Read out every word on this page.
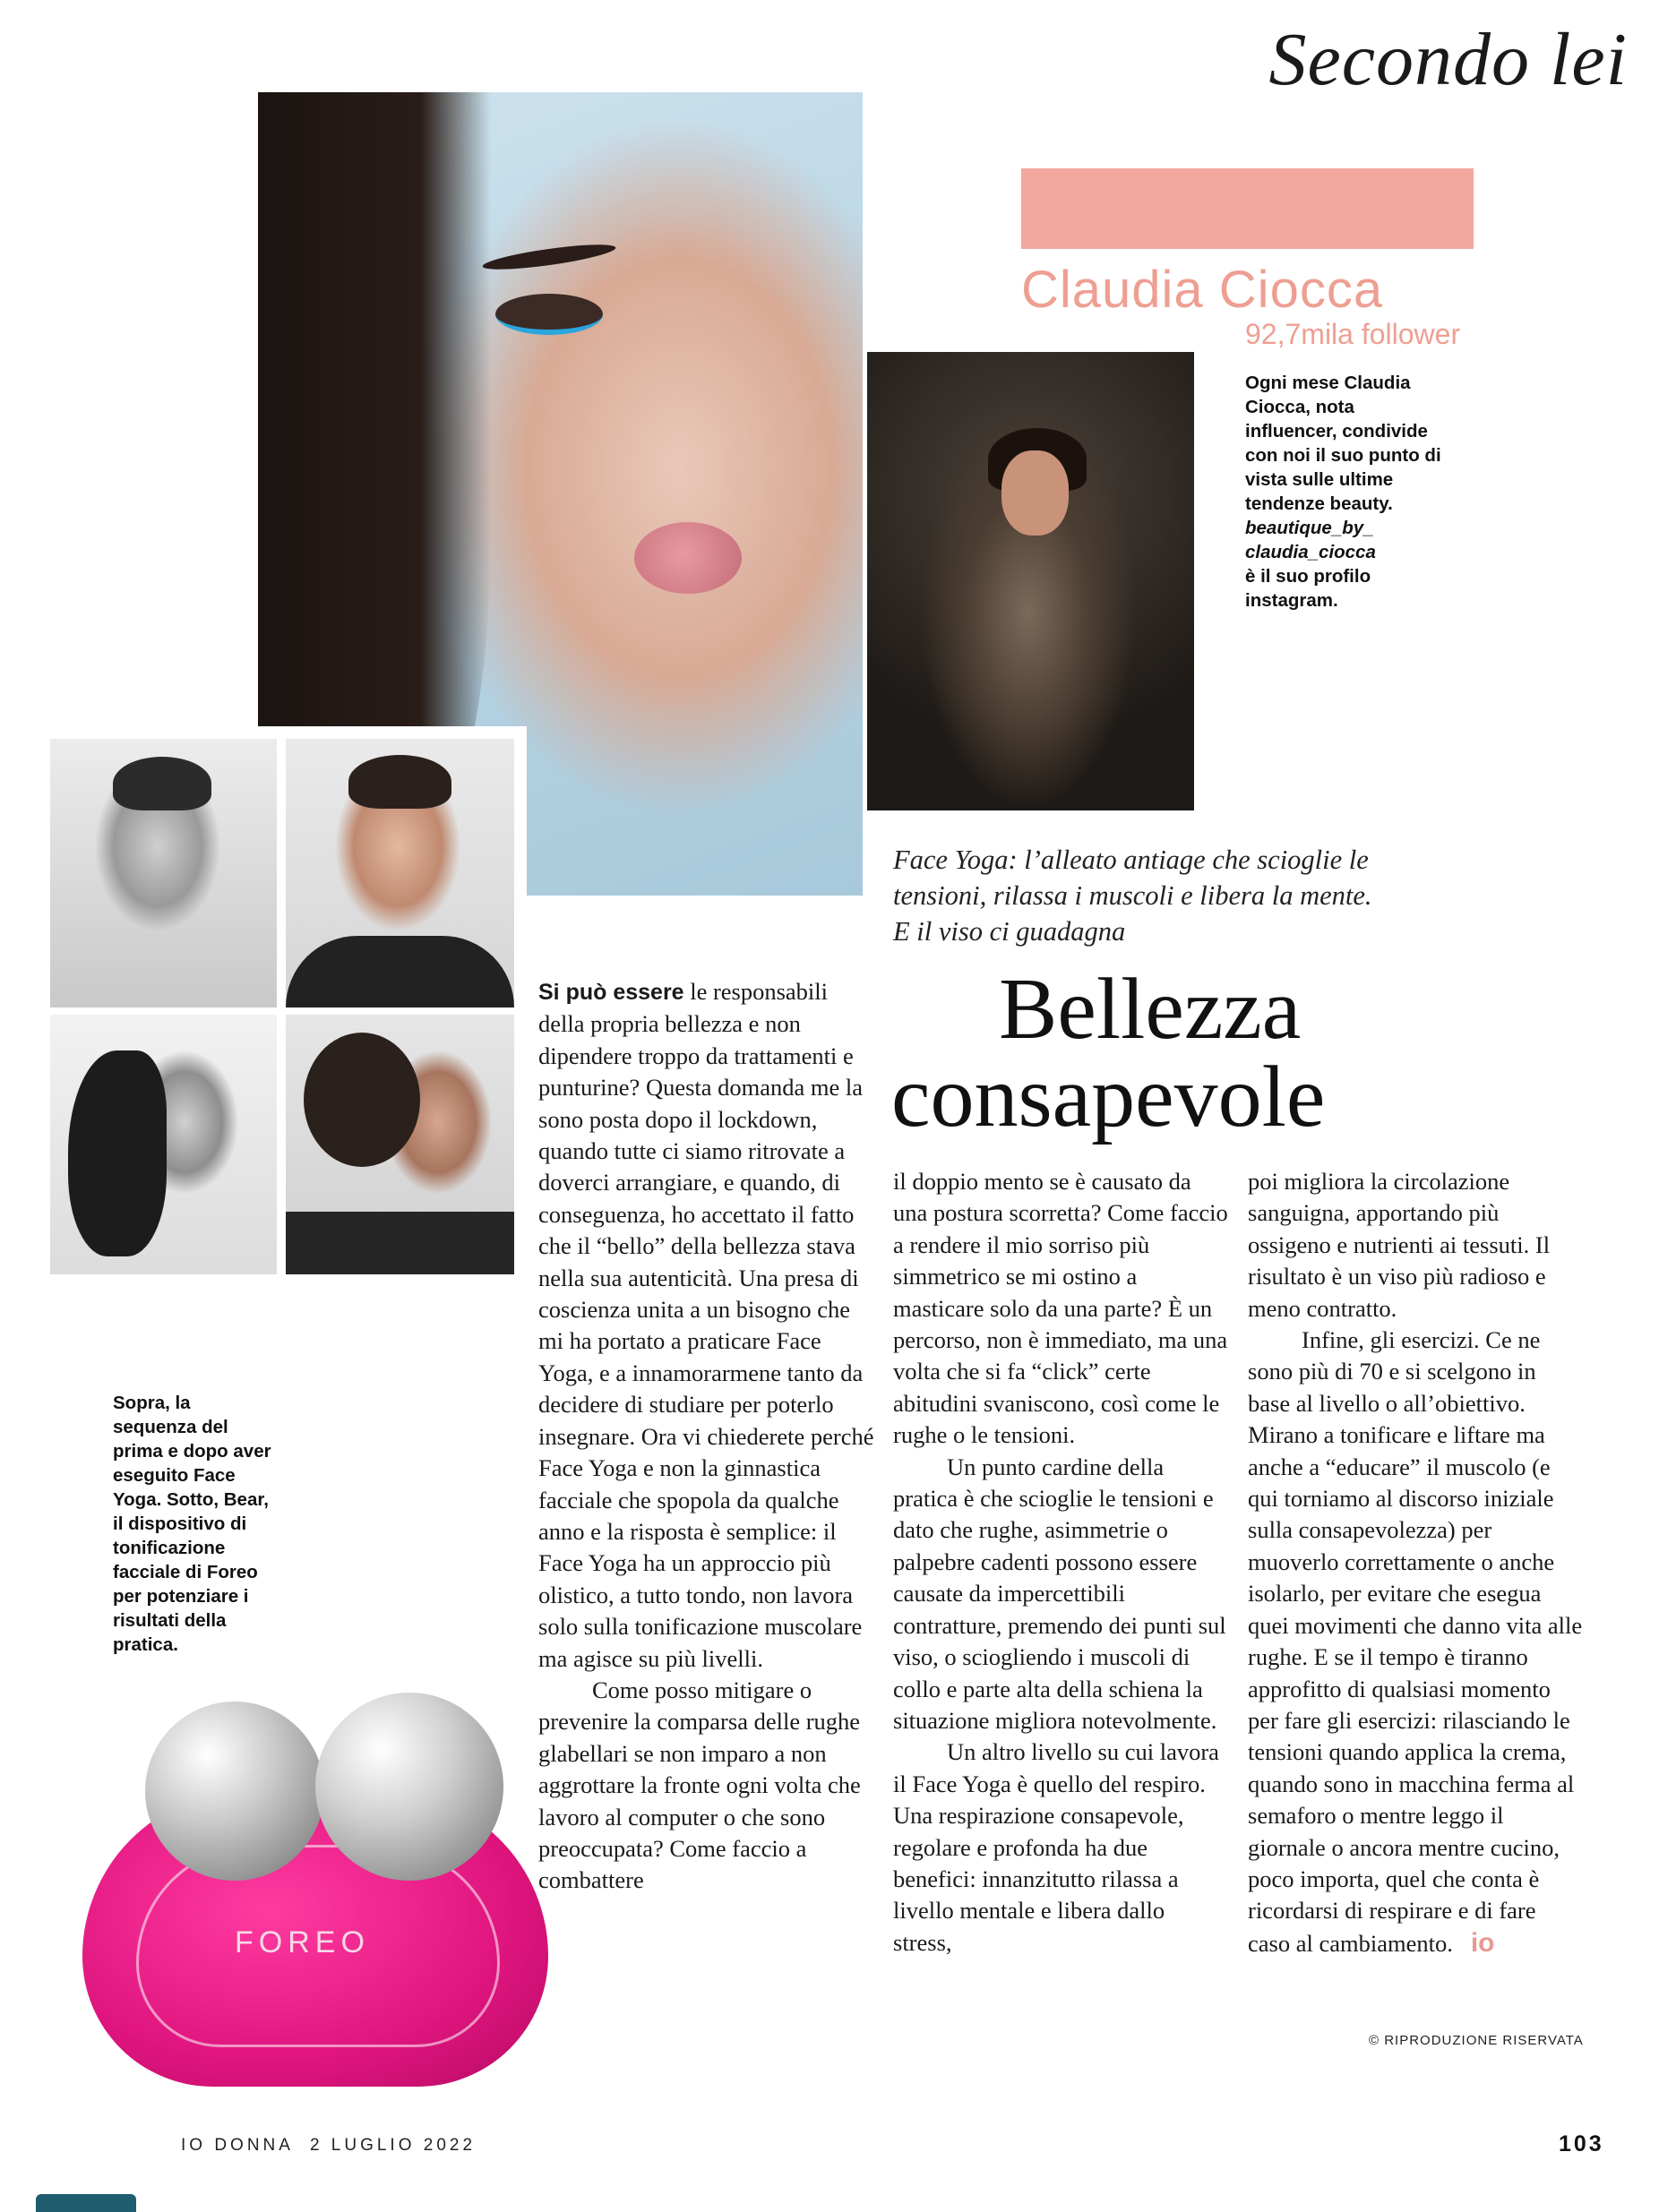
Secondo lei
Claudia Ciocca
92,7mila follower
Ogni mese Claudia Ciocca, nota influencer, condivide con noi il suo punto di vista sulle ultime tendenze beauty.
beautique_by_ claudia_ciocca
è il suo profilo instagram.
Sopra, la sequenza del prima e dopo aver eseguito Face Yoga. Sotto, Bear, il dispositivo di tonificazione facciale di Foreo per potenziare i risultati della pratica.
FOREO
Face Yoga: l’alleato antiage che scioglie le tensioni, rilassa i muscoli e libera la mente. E il viso ci guadagna
Bellezza
consapevole

Si può essere le responsabili della propria bellezza e non dipendere troppo da trattamenti e punturine? Questa domanda me la sono posta dopo il lockdown, quando tutte ci siamo ritrovate a doverci arrangiare, e quando, di conseguenza, ho accettato il fatto che il “bello” della bellezza stava nella sua autenticità. Una presa di coscienza unita a un bisogno che mi ha portato a praticare Face Yoga, e a innamorarmene tanto da decidere di studiare per poterlo insegnare. Ora vi chiederete perché Face Yoga e non la ginnastica facciale che spopola da qualche anno e la risposta è semplice: il Face Yoga ha un approccio più olistico, a tutto tondo, non lavora solo sulla tonificazione muscolare ma agisce su più livelli.

Come posso mitigare o prevenire la comparsa delle rughe glabellari se non imparo a non aggrottare la fronte ogni volta che lavoro al computer o che sono preoccupata? Come faccio a combattere

il doppio mento se è causato da una postura scorretta? Come faccio a rendere il mio sorriso più simmetrico se mi ostino a masticare solo da una parte? È un percorso, non è immediato, ma una volta che si fa “click” certe abitudini svaniscono, così come le rughe o le tensioni.

Un punto cardine della pratica è che scioglie le tensioni e dato che rughe, asimmetrie o palpebre cadenti possono essere causate da impercettibili contratture, premendo dei punti sul viso, o sciogliendo i muscoli di collo e parte alta della schiena la situazione migliora notevolmente.

Un altro livello su cui lavora il Face Yoga è quello del respiro. Una respirazione consapevole, regolare e profonda ha due benefici: innanzitutto rilassa a livello mentale e libera dallo stress,

poi migliora la circolazione sanguigna, apportando più ossigeno e nutrienti ai tessuti. Il risultato è un viso più radioso e meno contratto.

Infine, gli esercizi. Ce ne sono più di 70 e si scelgono in base al livello o all’obiettivo. Mirano a tonificare e liftare ma anche a “educare” il muscolo (e qui torniamo al discorso iniziale sulla consapevolezza) per muoverlo correttamente o anche isolarlo, per evitare che esegua quei movimenti che danno vita alle rughe. E se il tempo è tiranno approfitto di qualsiasi momento per fare gli esercizi: rilasciando le tensioni quando applica la crema, quando sono in macchina ferma al semaforo o mentre leggo il giornale o ancora mentre cucino, poco importa, quel che conta è ricordarsi di respirare e di fare caso al cambiamento. io

© RIPRODUZIONE RISERVATA
IO DONNA 2 LUGLIO 2022	103
